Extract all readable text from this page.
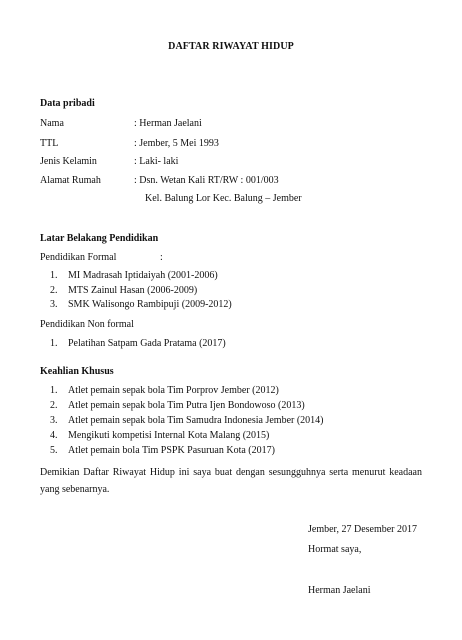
DAFTAR RIWAYAT HIDUP
Data pribadi
Nama	: Herman Jaelani
TTL	: Jember, 5 Mei 1993
Jenis Kelamin	: Laki- laki
Alamat Rumah	: Dsn. Wetan Kali RT/RW : 001/003
Kel. Balung Lor Kec. Balung – Jember
Latar Belakang Pendidikan
Pendidikan Formal	:
1. MI Madrasah Iptidaiyah (2001-2006)
2. MTS Zainul Hasan (2006-2009)
3. SMK Walisongo Rambipuji (2009-2012)
Pendidikan Non formal
1. Pelatihan Satpam Gada Pratama (2017)
Keahlian Khusus
1. Atlet pemain sepak bola Tim Porprov Jember (2012)
2. Atlet pemain sepak bola Tim Putra Ijen Bondowoso (2013)
3. Atlet pemain sepak bola Tim Samudra Indonesia Jember (2014)
4. Mengikuti kompetisi Internal Kota Malang (2015)
5. Atlet pemain bola Tim PSPK Pasuruan Kota (2017)
Demikian Daftar Riwayat Hidup ini saya buat dengan sesungguhnya serta menurut keadaan yang sebenarnya.
Jember, 27 Desember 2017
Hormat saya,
Herman Jaelani
